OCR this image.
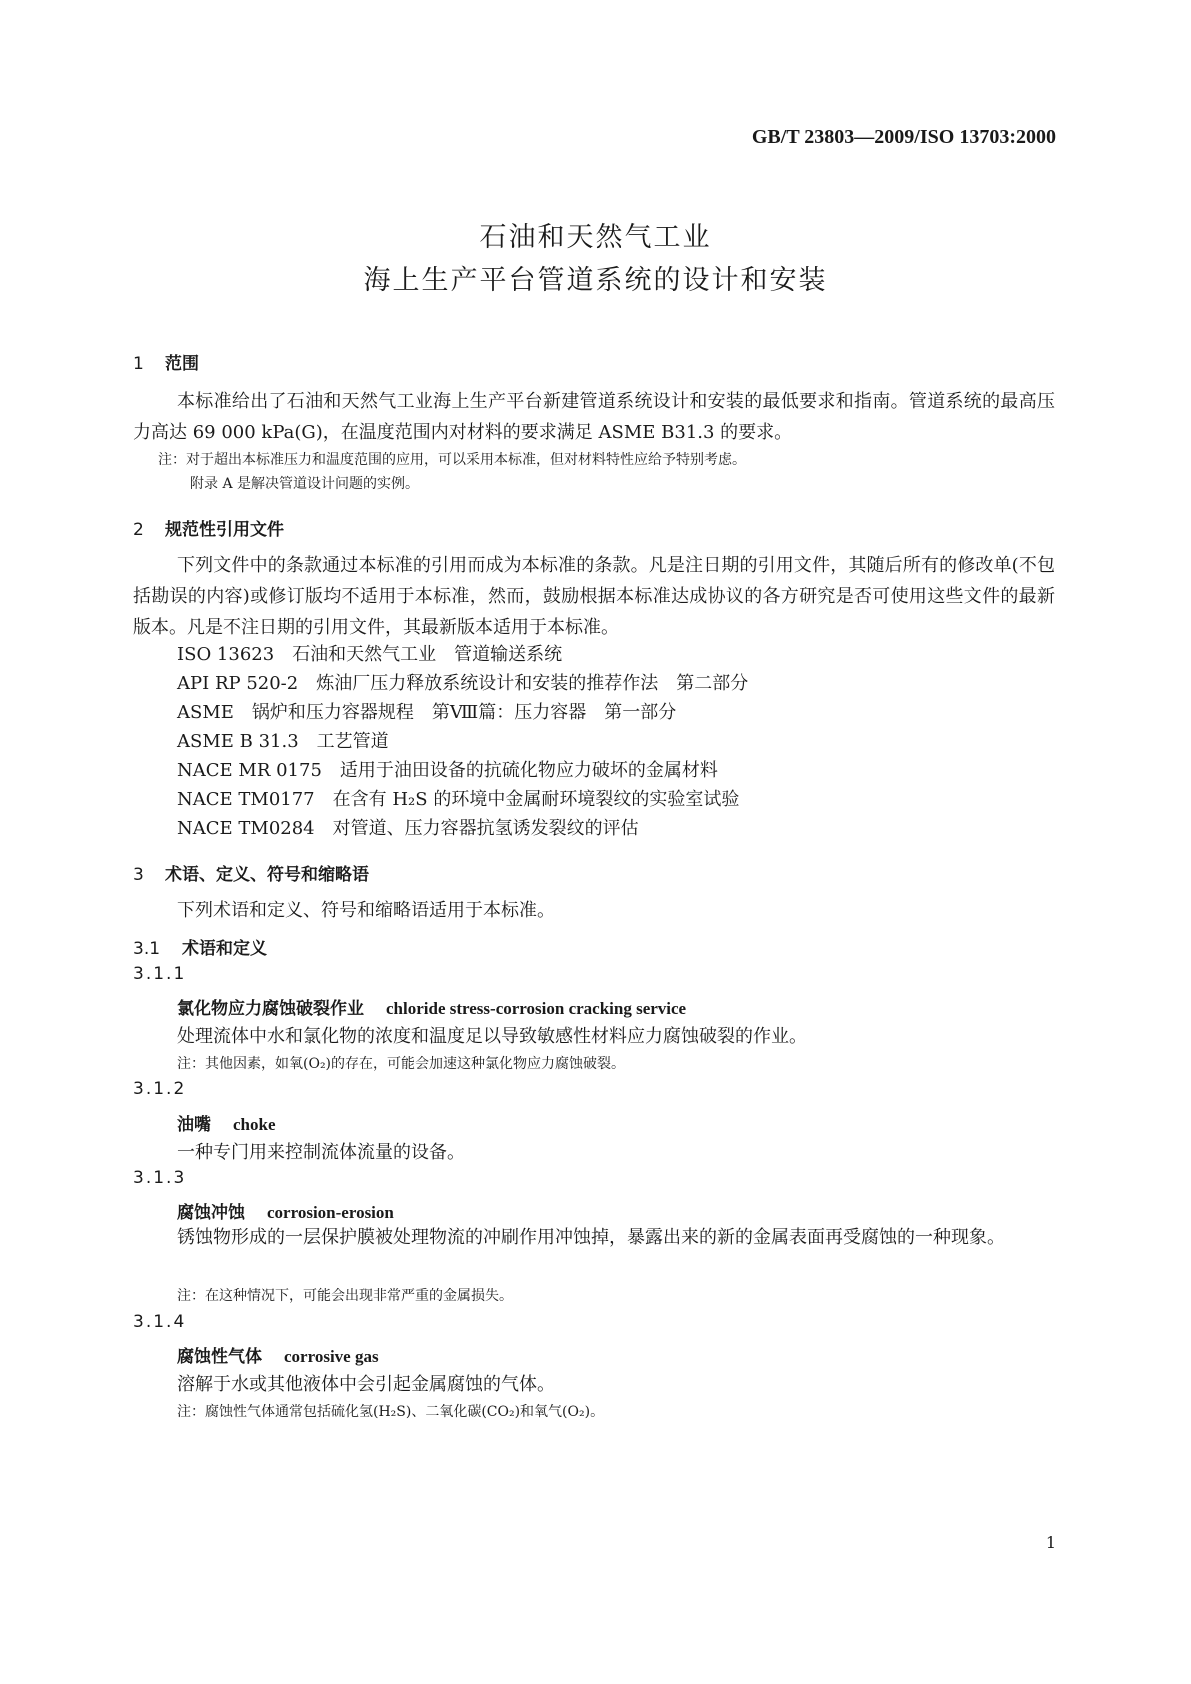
GB/T 23803—2009/ISO 13703:2000
石油和天然气工业
海上生产平台管道系统的设计和安装
1 范围
本标准给出了石油和天然气工业海上生产平台新建管道系统设计和安装的最低要求和指南。管道系统的最高压力高达 69 000 kPa(G)，在温度范围内对材料的要求满足 ASME B31.3 的要求。
注：对于超出本标准压力和温度范围的应用，可以采用本标准，但对材料特性应给予特别考虑。
附录 A 是解决管道设计问题的实例。
2 规范性引用文件
下列文件中的条款通过本标准的引用而成为本标准的条款。凡是注日期的引用文件，其随后所有的修改单(不包括勘误的内容)或修订版均不适用于本标准，然而，鼓励根据本标准达成协议的各方研究是否可使用这些文件的最新版本。凡是不注日期的引用文件，其最新版本适用于本标准。
ISO 13623　 石油和天然气工业　管道输送系统
API RP 520-2　 炼油厂压力释放系统设计和安装的推荐作法　第二部分
ASME　 锅炉和压力容器规程　第Ⅷ篇：压力容器　第一部分
ASME B 31.3　 工艺管道
NACE MR 0175　 适用于油田设备的抗硫化物应力破坏的金属材料
NACE TM0177　 在含有 H₂S 的环境中金属耐环境裂纹的实验室试验
NACE TM0284　 对管道、压力容器抗氢诱发裂纹的评估
3 术语、定义、符号和缩略语
下列术语和定义、符号和缩略语适用于本标准。
3.1 术语和定义
3.1.1
氯化物应力腐蚀破裂作业 chloride stress-corrosion cracking service
处理流体中水和氯化物的浓度和温度足以导致敏感性材料应力腐蚀破裂的作业。
注：其他因素，如氧(O₂)的存在，可能会加速这种氯化物应力腐蚀破裂。
3.1.2
油嘴 choke
一种专门用来控制流体流量的设备。
3.1.3
腐蚀冲蚀 corrosion-erosion
锈蚀物形成的一层保护膜被处理物流的冲刷作用冲蚀掉，暴露出来的新的金属表面再受腐蚀的一种现象。
注：在这种情况下，可能会出现非常严重的金属损失。
3.1.4
腐蚀性气体 corrosive gas
溶解于水或其他液体中会引起金属腐蚀的气体。
注：腐蚀性气体通常包括硫化氢(H₂S)、二氧化碳(CO₂)和氧气(O₂)。
1
